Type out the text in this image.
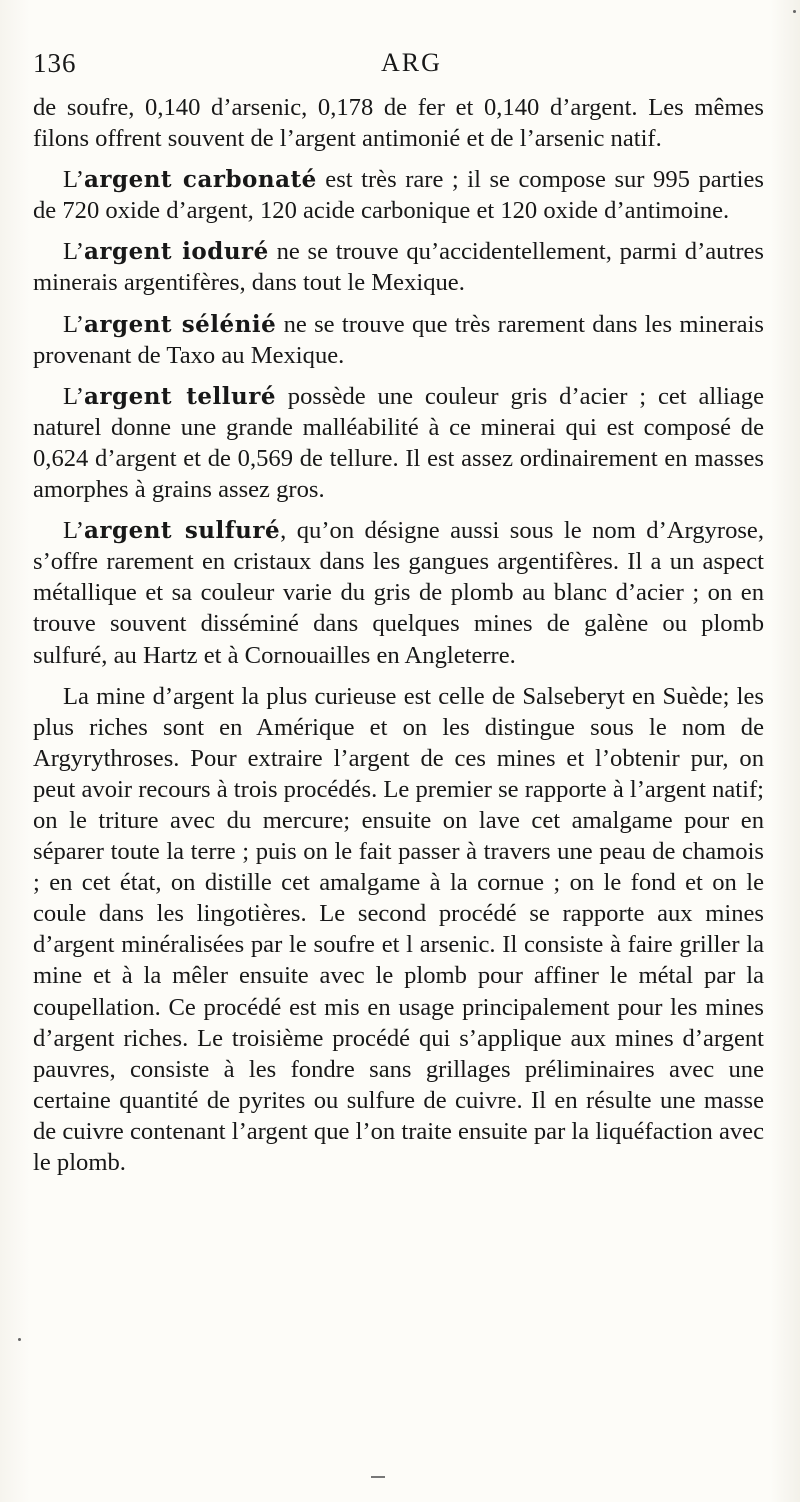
136	ARG

de soufre, 0,140 d’arsenic, 0,178 de fer et 0,140 d’argent. Les mêmes filons offrent souvent de l’argent antimonié et de l’arsenic natif.

L’argent carbonaté est très rare ; il se compose sur 995 parties de 720 oxide d’argent, 120 acide carbonique et 120 oxide d’antimoine.

L’argent ioduré ne se trouve qu’accidentellement, parmi d’autres minerais argentifères, dans tout le Mexique.

L’argent sélénié ne se trouve que très rarement dans les minerais provenant de Taxo au Mexique.

L’argent telluré possède une couleur gris d’acier ; cet alliage naturel donne une grande malléabilité à ce minerai qui est composé de 0,624 d’argent et de 0,569 de tellure. Il est assez ordinairement en masses amorphes à grains assez gros.

L’argent sulfuré, qu’on désigne aussi sous le nom d’Argyrose, s’offre rarement en cristaux dans les gangues argentifères. Il a un aspect métallique et sa couleur varie du gris de plomb au blanc d’acier ; on en trouve souvent disséminé dans quelques mines de galène ou plomb sulfuré, au Hartz et à Cornouailles en Angleterre.

La mine d’argent la plus curieuse est celle de Salseberyt en Suède; les plus riches sont en Amérique et on les distingue sous le nom de Argyrythroses. Pour extraire l’argent de ces mines et l’obtenir pur, on peut avoir recours à trois procédés. Le premier se rapporte à l’argent natif; on le triture avec du mercure; ensuite on lave cet amalgame pour en séparer toute la terre ; puis on le fait passer à travers une peau de chamois ; en cet état, on distille cet amalgame à la cornue ; on le fond et on le coule dans les lingotières. Le second procédé se rapporte aux mines d’argent minéralisées par le soufre et l arsenic. Il consiste à faire griller la mine et à la mêler ensuite avec le plomb pour affiner le métal par la coupellation. Ce procédé est mis en usage principalement pour les mines d’argent riches. Le troisième procédé qui s’applique aux mines d’argent pauvres, consiste à les fondre sans grillages préliminaires avec une certaine quantité de pyrites ou sulfure de cuivre. Il en résulte une masse de cuivre contenant l’argent que l’on traite ensuite par la liquéfaction avec le plomb.
